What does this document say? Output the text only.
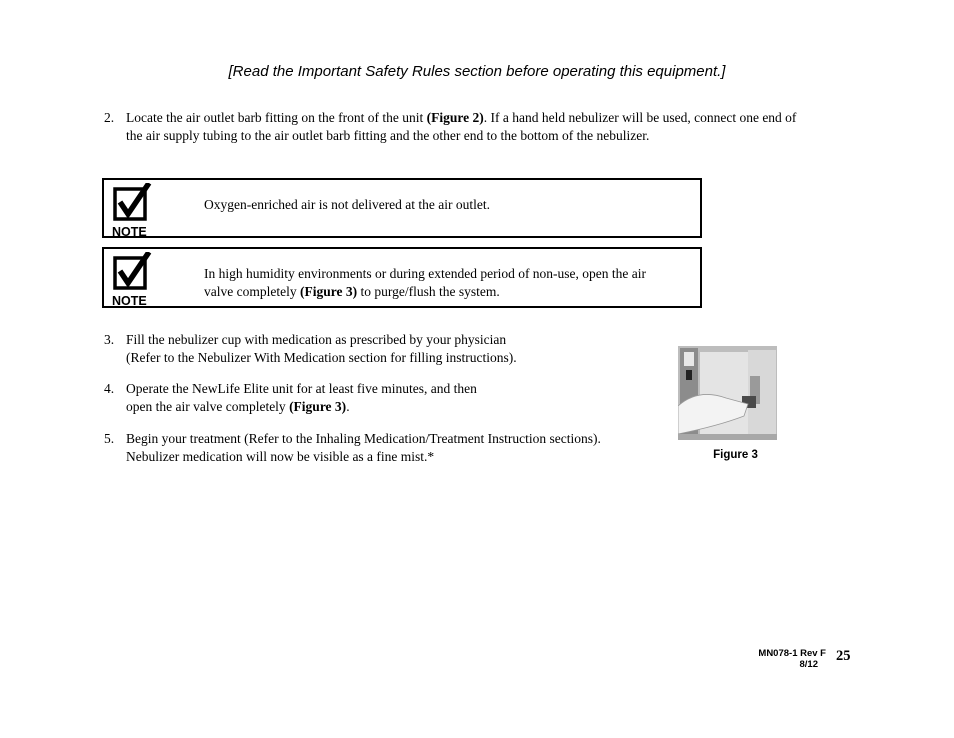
[Read the Important Safety Rules section before operating this equipment.]
2. Locate the air outlet barb fitting on the front of the unit (Figure 2). If a hand held nebulizer will be used, connect one end of
the air supply tubing to the air outlet barb fitting and the other end to the bottom of the nebulizer.
NOTE
Oxygen-enriched air is not delivered at the air outlet.
NOTE
In high humidity environments or during extended period of non-use, open the air
valve completely (Figure 3) to purge/flush the system.
3. Fill the nebulizer cup with medication as prescribed by your physician
(Refer to the Nebulizer With Medication section for filling instructions).
4. Operate the NewLife Elite unit for at least five minutes, and then
open the air valve completely (Figure 3).
5. Begin your treatment (Refer to the Inhaling Medication/Treatment Instruction sections).
Nebulizer medication will now be visible as a fine mist.*	Figure 3
MN078-1 Rev F
8/12
25
